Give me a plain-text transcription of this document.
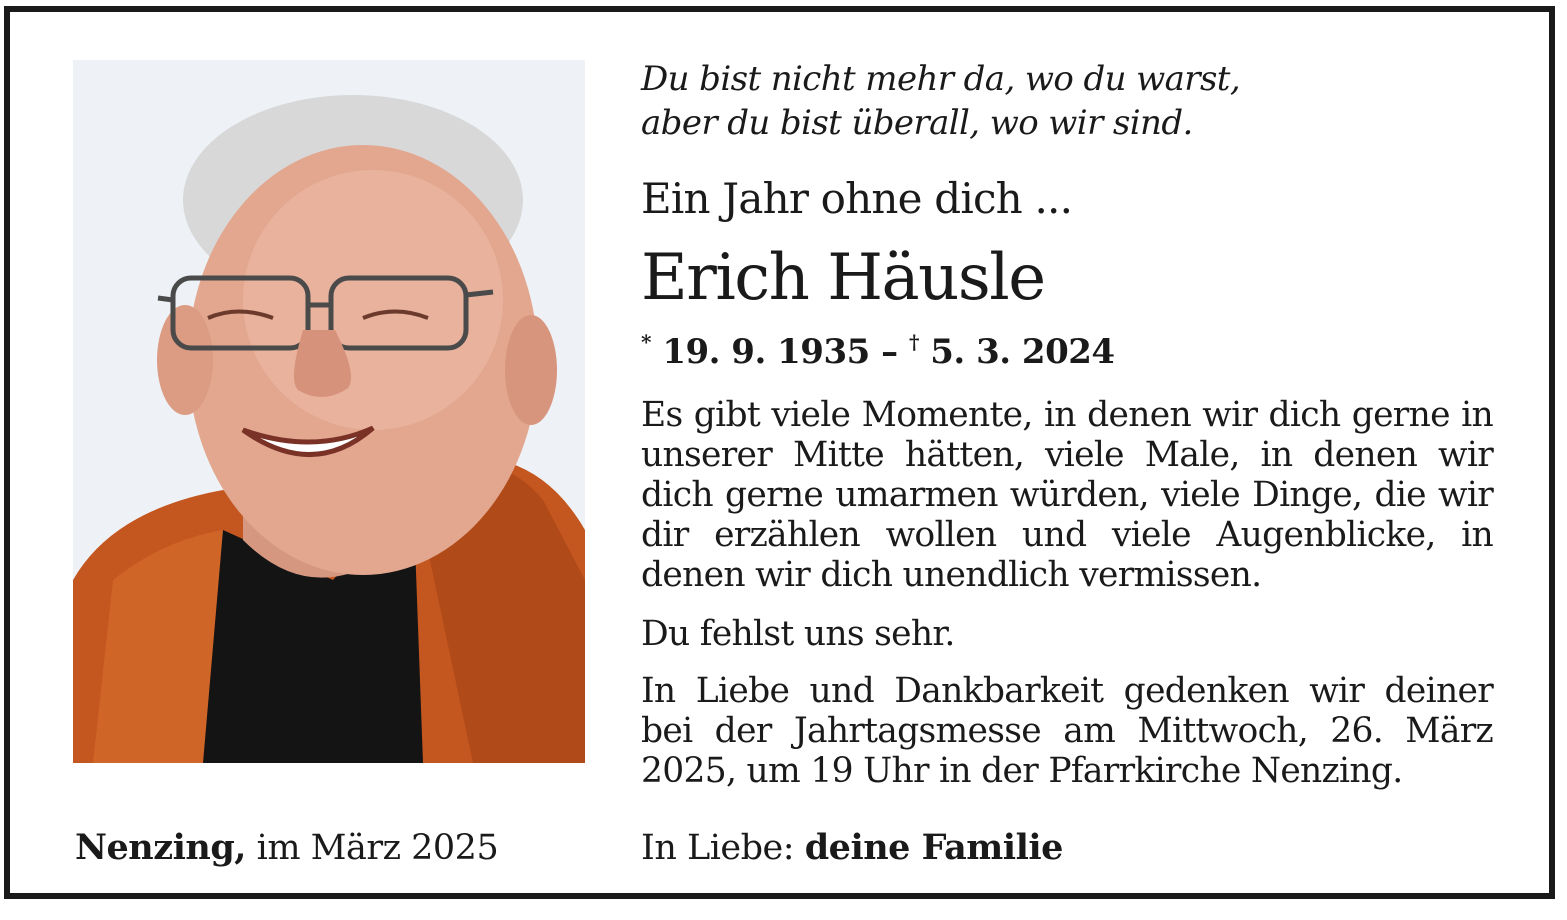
Nenzing, im März 2025
Du bist nicht mehr da, wo du warst,
aber du bist überall, wo wir sind.
Ein Jahr ohne dich ...
Erich Häusle
* 19. 9. 1935 – † 5. 3. 2024
Es gibt viele Momente, in denen wir dich gerne in unserer Mitte hätten, viele Male, in denen wir dich gerne umarmen würden, viele Dinge, die wir dir erzählen wollen und viele Augenblicke, in denen wir dich unendlich vermissen.
Du fehlst uns sehr.
In Liebe und Dankbarkeit gedenken wir deiner bei der Jahrtagsmesse am Mittwoch, 26. März 2025, um 19 Uhr in der Pfarrkirche Nenzing.
In Liebe: deine Familie
